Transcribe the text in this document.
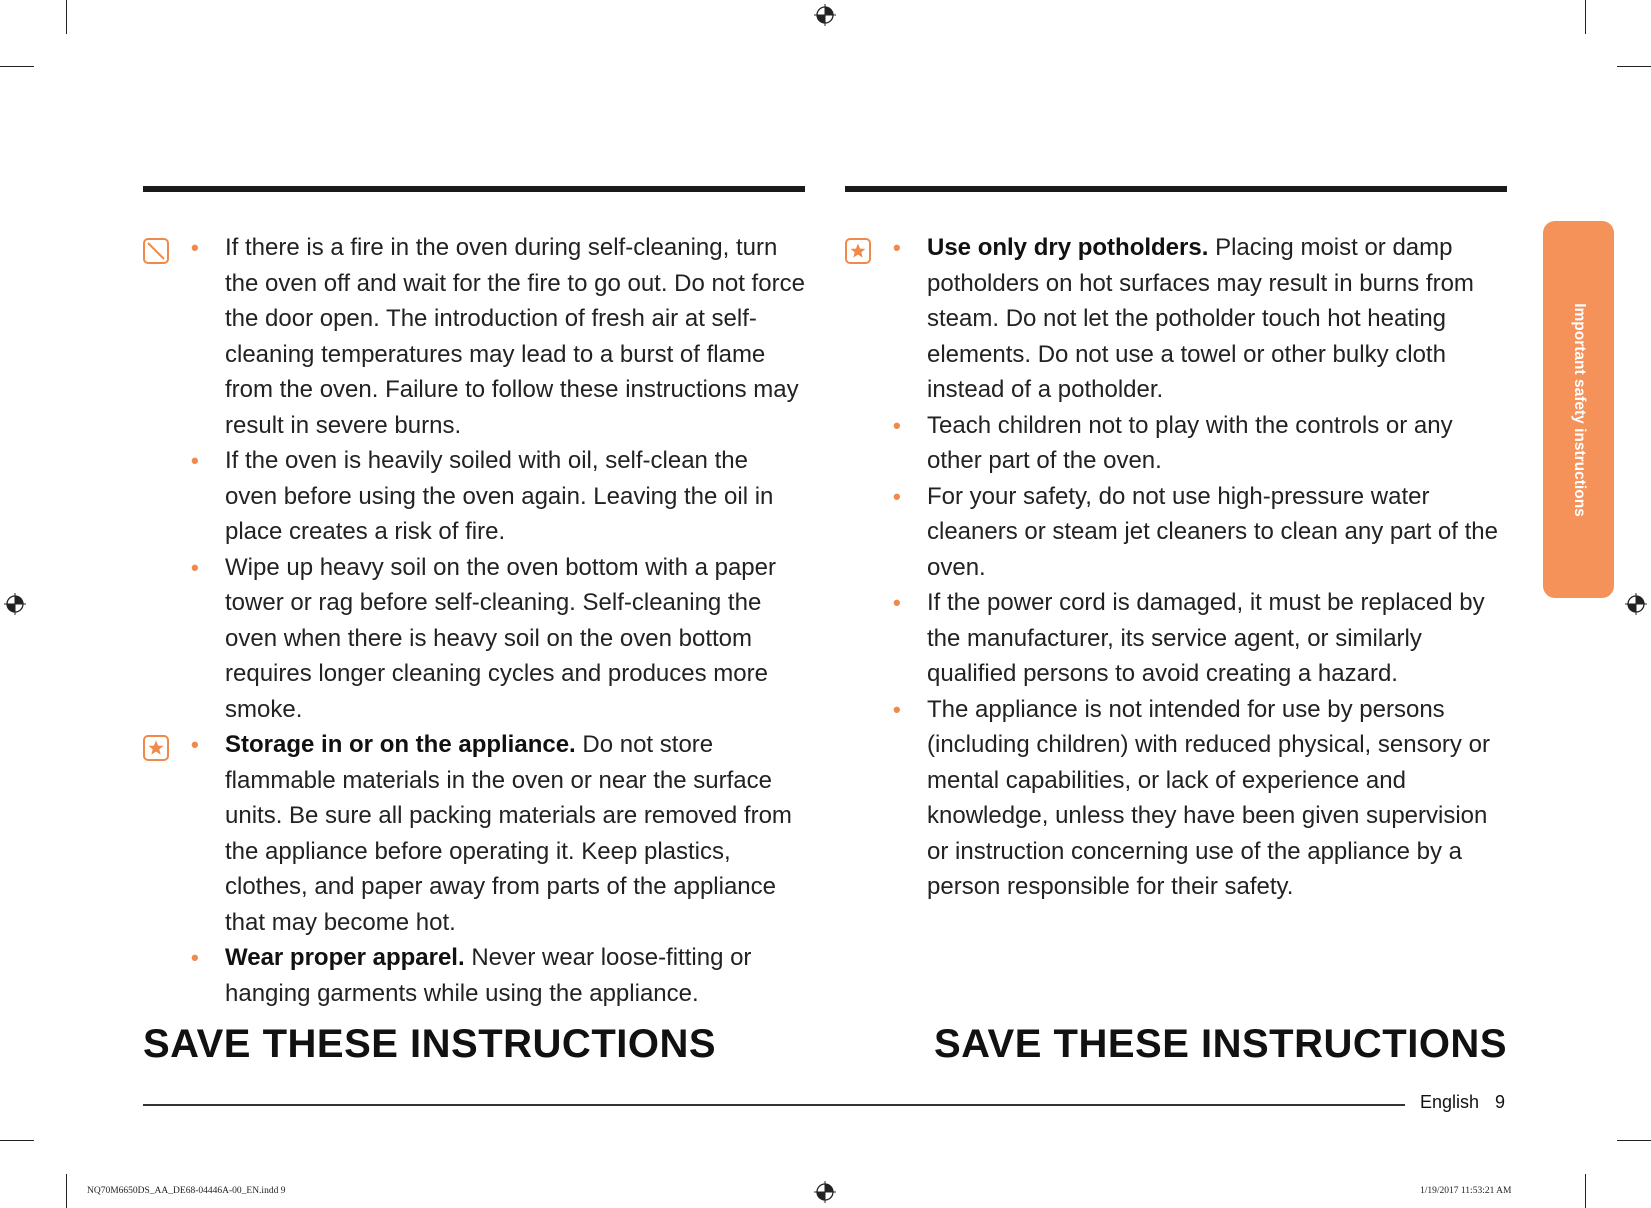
Important safety instructions
• If there is a fire in the oven during self-cleaning, turn the oven off and wait for the fire to go out. Do not force the door open. The introduction of fresh air at self-cleaning temperatures may lead to a burst of flame from the oven. Failure to follow these instructions may result in severe burns.
• If the oven is heavily soiled with oil, self-clean the oven before using the oven again. Leaving the oil in place creates a risk of fire.
• Wipe up heavy soil on the oven bottom with a paper tower or rag before self-cleaning. Self-cleaning the oven when there is heavy soil on the oven bottom requires longer cleaning cycles and produces more smoke.
• Storage in or on the appliance. Do not store flammable materials in the oven or near the surface units. Be sure all packing materials are removed from the appliance before operating it. Keep plastics, clothes, and paper away from parts of the appliance that may become hot.
• Wear proper apparel. Never wear loose-fitting or hanging garments while using the appliance.
• Use only dry potholders. Placing moist or damp potholders on hot surfaces may result in burns from steam. Do not let the potholder touch hot heating elements. Do not use a towel or other bulky cloth instead of a potholder.
• Teach children not to play with the controls or any other part of the oven.
• For your safety, do not use high-pressure water cleaners or steam jet cleaners to clean any part of the oven.
• If the power cord is damaged, it must be replaced by the manufacturer, its service agent, or similarly qualified persons to avoid creating a hazard.
• The appliance is not intended for use by persons (including children) with reduced physical, sensory or mental capabilities, or lack of experience and knowledge, unless they have been given supervision or instruction concerning use of the appliance by a person responsible for their safety.
SAVE THESE INSTRUCTIONS	SAVE THESE INSTRUCTIONS
English 9
NQ70M6650DS_AA_DE68-04446A-00_EN.indd 9	1/19/2017 11:53:21 AM
